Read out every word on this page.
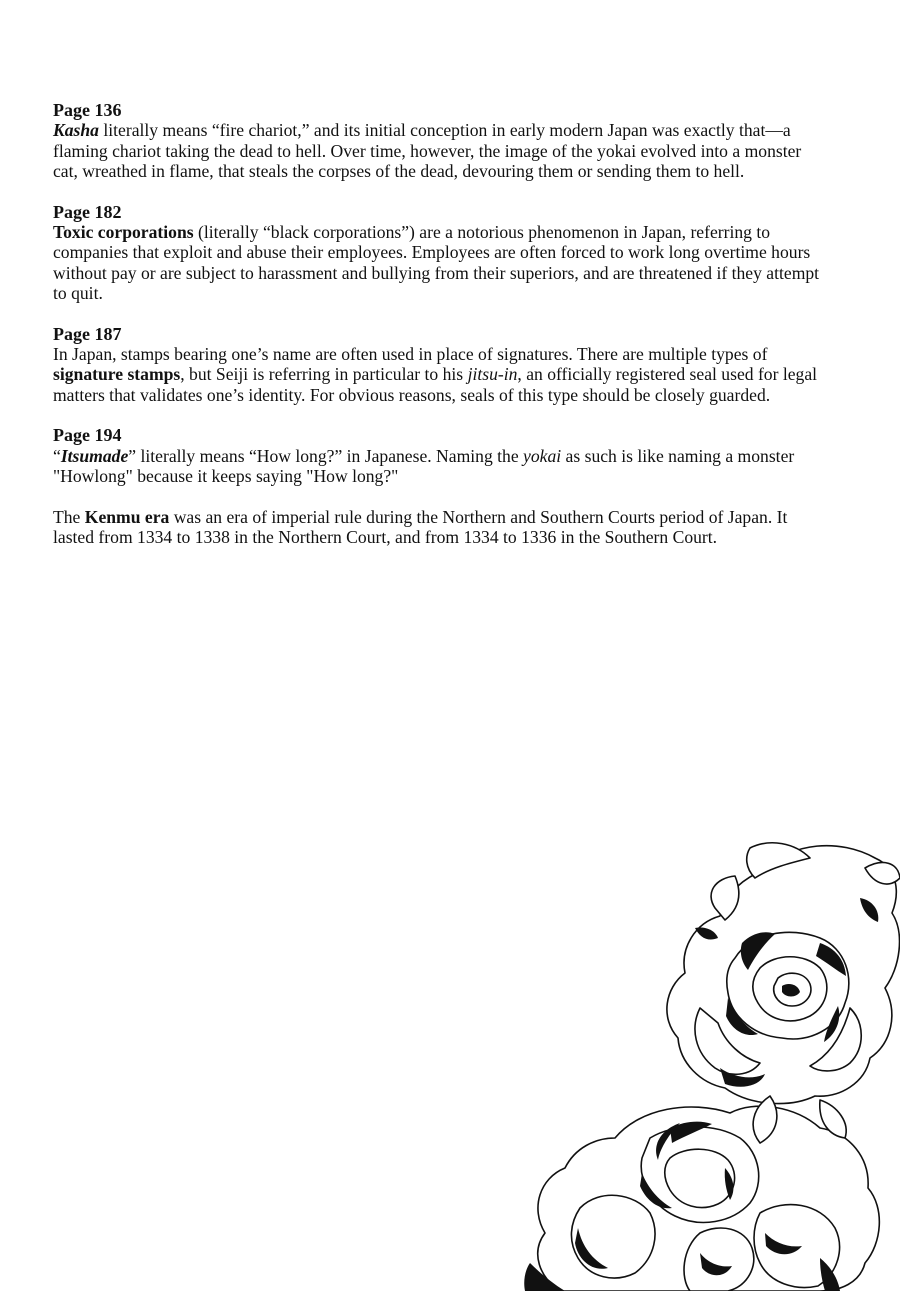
Page 136

Kasha literally means “fire chariot,” and its initial conception in early modern Japan was exactly that—a flaming chariot taking the dead to hell. Over time, however, the image of the yokai evolved into a monster cat, wreathed in flame, that steals the corpses of the dead, devouring them or sending them to hell.

Page 182

Toxic corporations (literally “black corporations”) are a notorious phenomenon in Japan, referring to companies that exploit and abuse their employees. Employees are often forced to work long overtime hours without pay or are subject to harassment and bullying from their superiors, and are threatened if they attempt to quit.

Page 187

In Japan, stamps bearing one’s name are often used in place of signatures. There are multiple types of signature stamps, but Seiji is referring in particular to his jitsu-in, an officially registered seal used for legal matters that validates one’s identity. For obvious reasons, seals of this type should be closely guarded.

Page 194

“Itsumade” literally means “How long?” in Japanese. Naming the yokai as such is like naming a monster "Howlong" because it keeps saying "How long?"

The Kenmu era was an era of imperial rule during the Northern and Southern Courts period of Japan. It lasted from 1334 to 1338 in the Northern Court, and from 1334 to 1336 in the Southern Court.
